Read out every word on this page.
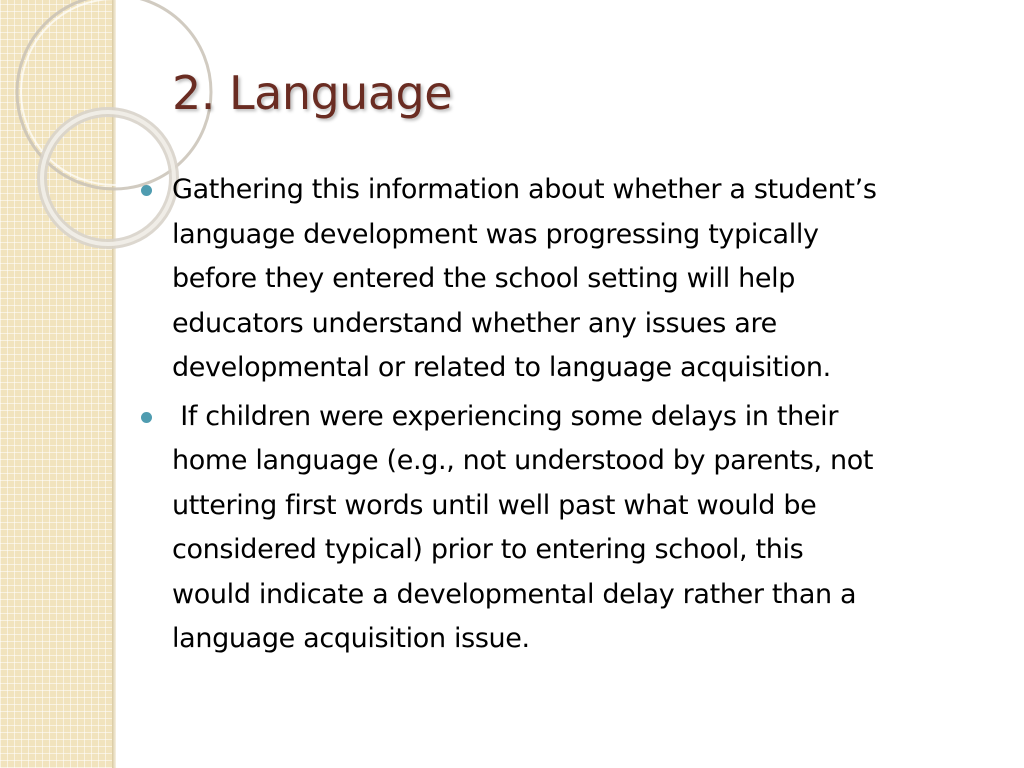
2. Language
Gathering this information about whether a student’s
language development was progressing typically
before they entered the school setting will help
educators understand whether any issues are
developmental or related to language acquisition.
If children were experiencing some delays in their
home language (e.g., not understood by parents, not
uttering first words until well past what would be
considered typical) prior to entering school, this
would indicate a developmental delay rather than a
language acquisition issue.
